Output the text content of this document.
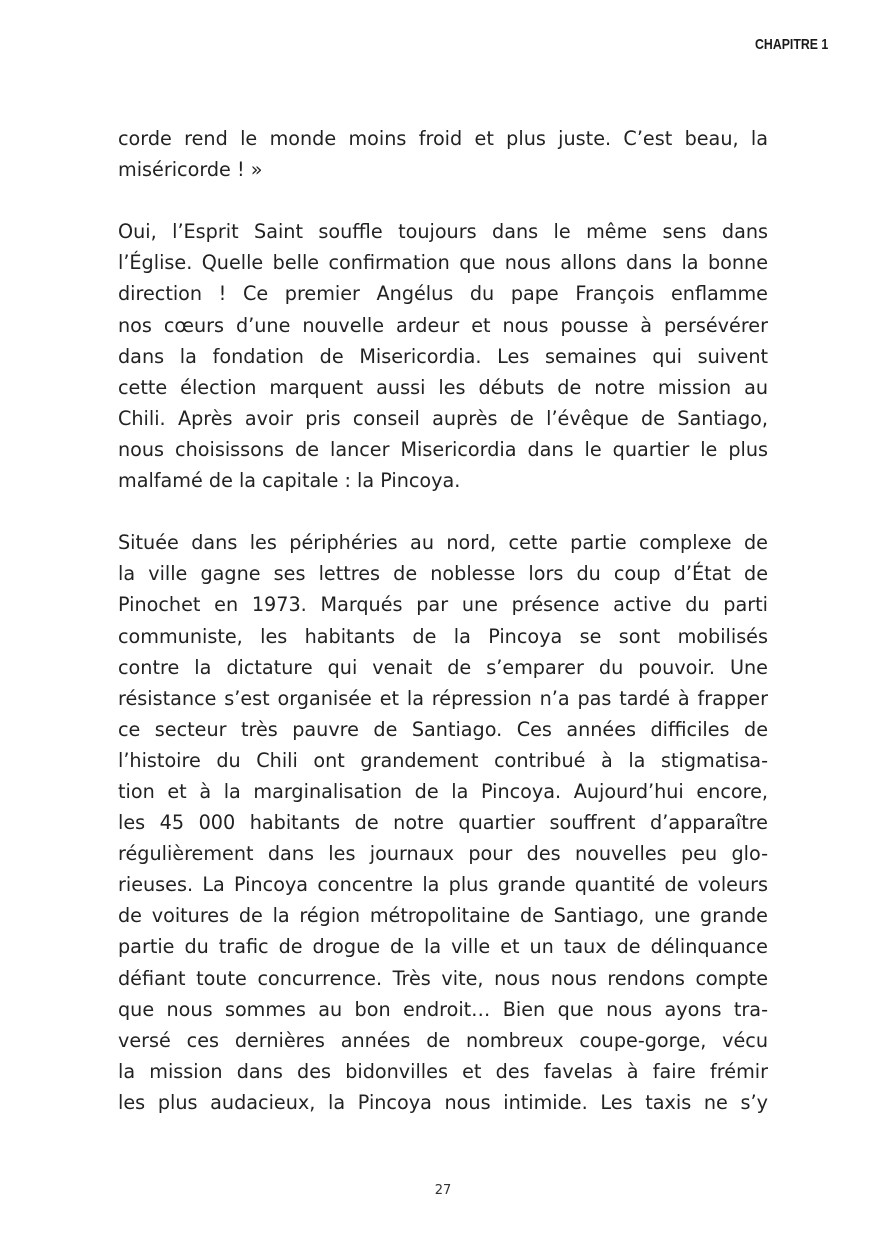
CHAPITRE 1

corde rend le monde moins froid et plus juste. C’est beau, la
miséricorde ! »

Oui, l’Esprit Saint souffle toujours dans le même sens dans
l’Église. Quelle belle confirmation que nous allons dans la bonne
direction ! Ce premier Angélus du pape François enflamme
nos cœurs d’une nouvelle ardeur et nous pousse à persévérer
dans la fondation de Misericordia. Les semaines qui suivent
cette élection marquent aussi les débuts de notre mission au
Chili. Après avoir pris conseil auprès de l’évêque de Santiago,
nous choisissons de lancer Misericordia dans le quartier le plus
malfamé de la capitale : la Pincoya.

Située dans les périphéries au nord, cette partie complexe de
la ville gagne ses lettres de noblesse lors du coup d’État de
Pinochet en 1973. Marqués par une présence active du parti
communiste, les habitants de la Pincoya se sont mobilisés
contre la dictature qui venait de s’emparer du pouvoir. Une
résistance s’est organisée et la répression n’a pas tardé à frapper
ce secteur très pauvre de Santiago. Ces années difficiles de
l’histoire du Chili ont grandement contribué à la stigmatisa-
tion et à la marginalisation de la Pincoya. Aujourd’hui encore,
les 45 000 habitants de notre quartier souffrent d’apparaître
régulièrement dans les journaux pour des nouvelles peu glo-
rieuses. La Pincoya concentre la plus grande quantité de voleurs
de voitures de la région métropolitaine de Santiago, une grande
partie du trafic de drogue de la ville et un taux de délinquance
défiant toute concurrence. Très vite, nous nous rendons compte
que nous sommes au bon endroit… Bien que nous ayons tra-
versé ces dernières années de nombreux coupe-gorge, vécu
la mission dans des bidonvilles et des favelas à faire frémir
les plus audacieux, la Pincoya nous intimide. Les taxis ne s’y

27
